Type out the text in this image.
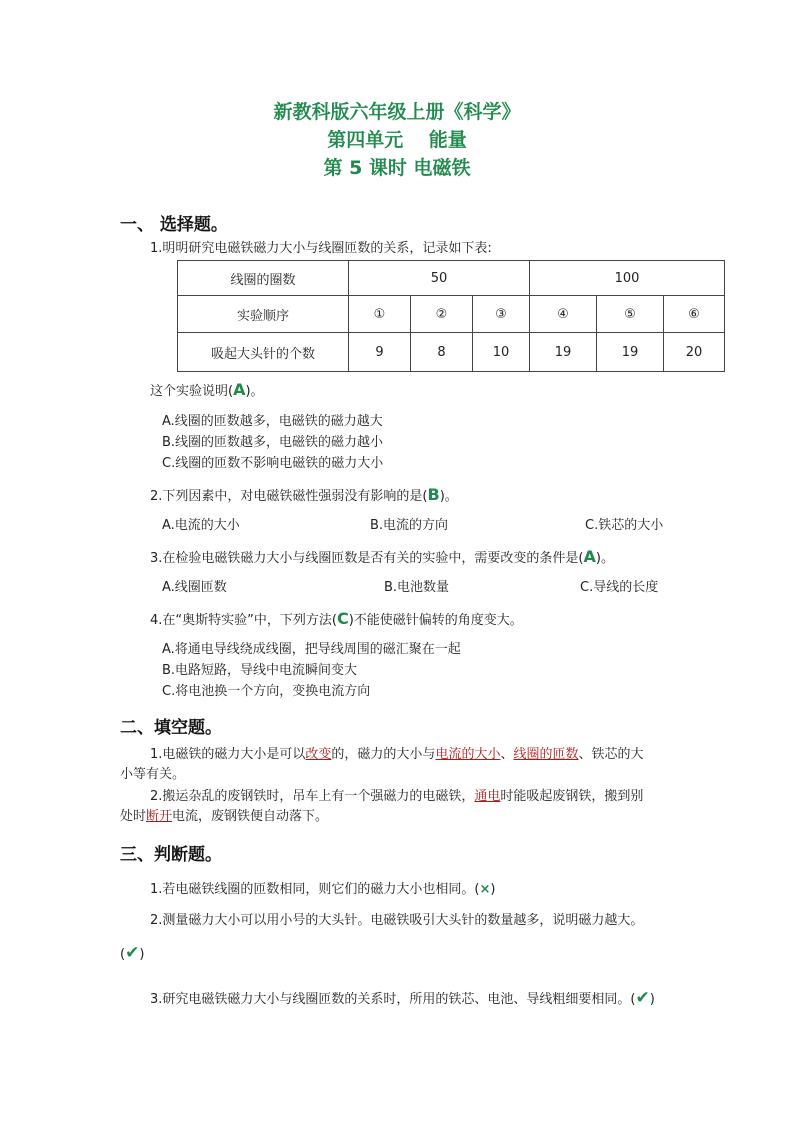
新教科版六年级上册《科学》
第四单元　 能量
第 5 课时 电磁铁
一、 选择题。
1.明明研究电磁铁磁力大小与线圈匝数的关系，记录如下表:
线圈的圈数	50			100		
实验顺序	①	②	③	④	⑤	⑥
吸起大头针的个数	9	8	10	19	19	20
这个实验说明(A)。
A.线圈的匝数越多，电磁铁的磁力越大
B.线圈的匝数越多，电磁铁的磁力越小
C.线圈的匝数不影响电磁铁的磁力大小
2.下列因素中，对电磁铁磁性强弱没有影响的是(B)。
A.电流的大小	B.电流的方向	C.铁芯的大小
3.在检验电磁铁磁力大小与线圈匝数是否有关的实验中，需要改变的条件是(A)。
A.线圈匝数	B.电池数量	C.导线的长度
4.在“奥斯特实验”中，下列方法(C)不能使磁针偏转的角度变大。
A.将通电导线绕成线圈，把导线周围的磁汇聚在一起
B.电路短路，导线中电流瞬间变大
C.将电池换一个方向，变换电流方向
二、填空题。
1.电磁铁的磁力大小是可以改变的，磁力的大小与电流的大小、线圈的匝数、铁芯的大
小等有关。
2.搬运杂乱的废钢铁时，吊车上有一个强磁力的电磁铁，通电时能吸起废钢铁，搬到别
处时断开电流，废钢铁便自动落下。
三、判断题。
1.若电磁铁线圈的匝数相同，则它们的磁力大小也相同。(×)
2.测量磁力大小可以用小号的大头针。电磁铁吸引大头针的数量越多，说明磁力越大。
(✔)
3.研究电磁铁磁力大小与线圈匝数的关系时，所用的铁芯、电池、导线粗细要相同。(✔)
